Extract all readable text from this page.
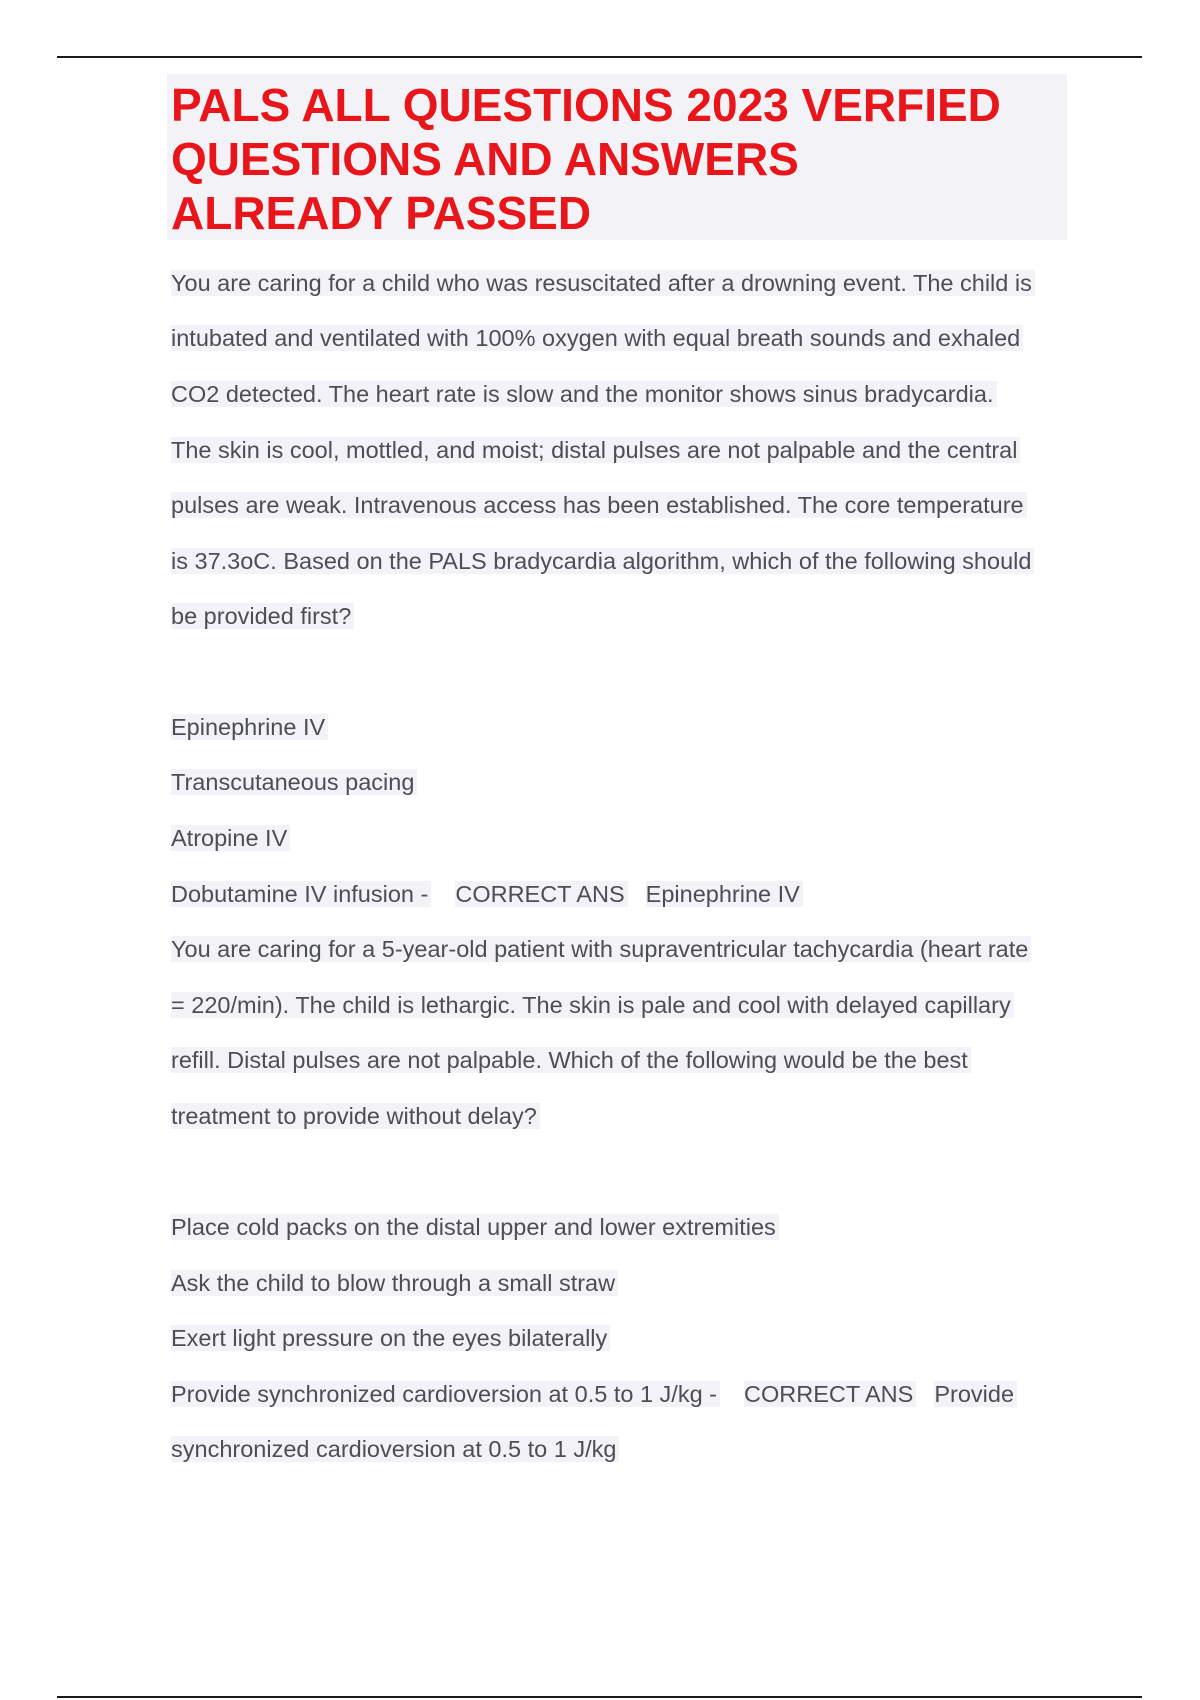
PALS ALL QUESTIONS 2023 VERFIED
QUESTIONS AND ANSWERS
ALREADY PASSED

You are caring for a child who was resuscitated after a drowning event. The child is

intubated and ventilated with 100% oxygen with equal breath sounds and exhaled

CO2 detected. The heart rate is slow and the monitor shows sinus bradycardia.

The skin is cool, mottled, and moist; distal pulses are not palpable and the central

pulses are weak. Intravenous access has been established. The core temperature

is 37.3oC. Based on the PALS bradycardia algorithm, which of the following should

be provided first?

Epinephrine IV

Transcutaneous pacing

Atropine IV

Dobutamine IV infusion - CORRECT ANS Epinephrine IV

You are caring for a 5-year-old patient with supraventricular tachycardia (heart rate

= 220/min). The child is lethargic. The skin is pale and cool with delayed capillary

refill. Distal pulses are not palpable. Which of the following would be the best

treatment to provide without delay?

Place cold packs on the distal upper and lower extremities

Ask the child to blow through a small straw

Exert light pressure on the eyes bilaterally

Provide synchronized cardioversion at 0.5 to 1 J/kg - CORRECT ANS Provide

synchronized cardioversion at 0.5 to 1 J/kg
